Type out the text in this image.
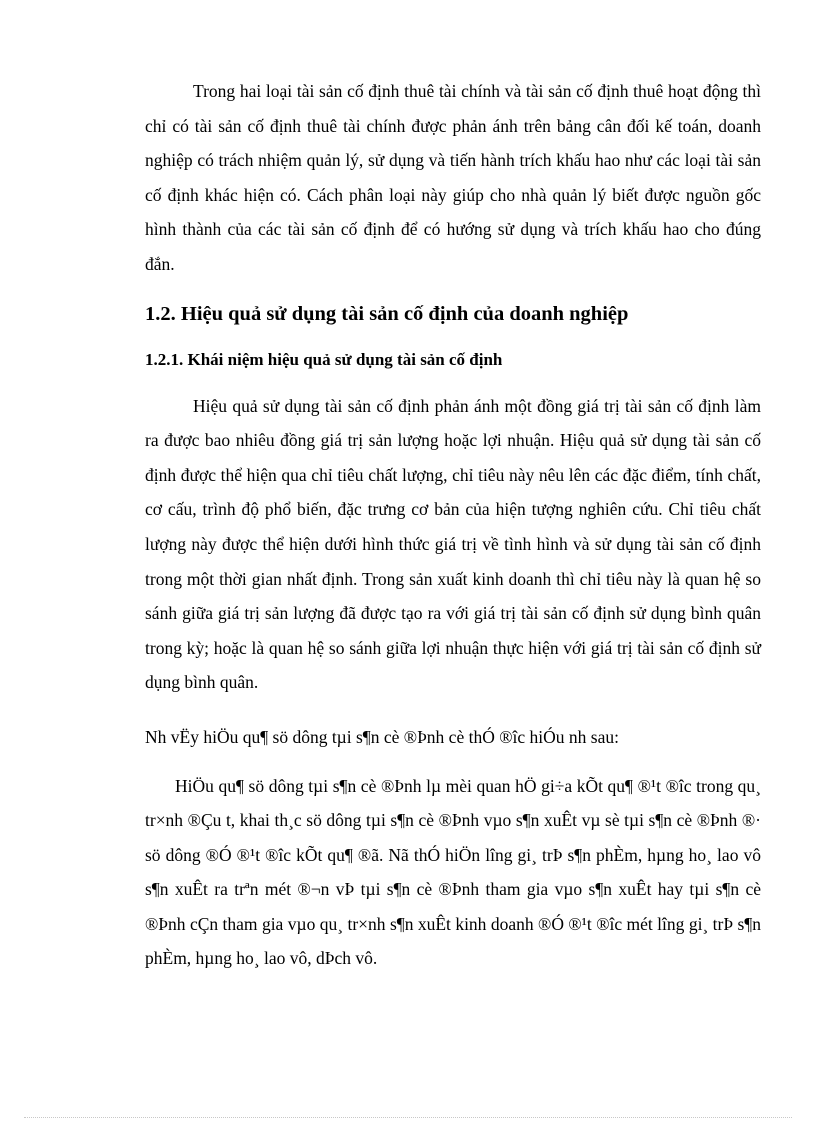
Trong hai loại tài sản cố định thuê tài chính và tài sản cố định thuê hoạt động thì chỉ có tài sản cố định thuê tài chính được phản ánh trên bảng cân đối kế toán, doanh nghiệp có trách nhiệm quản lý, sử dụng và tiến hành trích khấu hao như các loại tài sản cố định khác hiện có. Cách phân loại này giúp cho nhà quản lý biết được nguồn gốc hình thành của các tài sản cố định để có hướng sử dụng và trích khấu hao cho đúng đắn.

1.2. Hiệu quả sử dụng tài sản cố định của doanh nghiệp
1.2.1. Khái niệm hiệu quả sử dụng tài sản cố định

Hiệu quả sử dụng tài sản cố định phản ánh một đồng giá trị tài sản cố định làm ra được bao nhiêu đồng giá trị sản lượng hoặc lợi nhuận. Hiệu quả sử dụng tài sản cố định được thể hiện qua chỉ tiêu chất lượng, chỉ tiêu này nêu lên các đặc điểm, tính chất, cơ cấu, trình độ phổ biến, đặc trưng cơ bản của hiện tượng nghiên cứu. Chỉ tiêu chất lượng này được thể hiện dưới hình thức giá trị về tình hình và sử dụng tài sản cố định trong một thời gian nhất định. Trong sản xuất kinh doanh thì chỉ tiêu này là quan hệ so sánh giữa giá trị sản lượng đã được tạo ra với giá trị tài sản cố định sử dụng bình quân trong kỳ; hoặc là quan hệ so sánh giữa lợi nhuận thực hiện với giá trị tài sản cố định sử dụng bình quân.

Nh vËy hiÖu qu¶ sö dông tµi s¶n cè ®Þnh cè thÓ ®îc hiÓu nh sau:

HiÖu qu¶ sö dông tµi s¶n cè ®Þnh lµ mèi quan hÖ gi÷a kÕt qu¶ ®¹t ®îc trong qu¸ tr×nh ®Çu t, khai th¸c sö dông tµi s¶n cè ®Þnh vµo s¶n xuÊt vµ sè tµi s¶n cè ®Þnh ®· sö dông ®Ó ®¹t ®îc kÕt qu¶ ®ã. Nã thÓ hiÖn lîng gi¸ trÞ s¶n phÈm, hµng ho¸ lao vô s¶n xuÊt ra trªn mét ®¬n vÞ tµi s¶n cè ®Þnh tham gia vµo s¶n xuÊt hay tµi s¶n cè ®Þnh cÇn tham gia vµo qu¸ tr×nh s¶n xuÊt kinh doanh ®Ó ®¹t ®îc mét lîng gi¸ trÞ s¶n phÈm, hµng ho¸ lao vô, dÞch vô.
